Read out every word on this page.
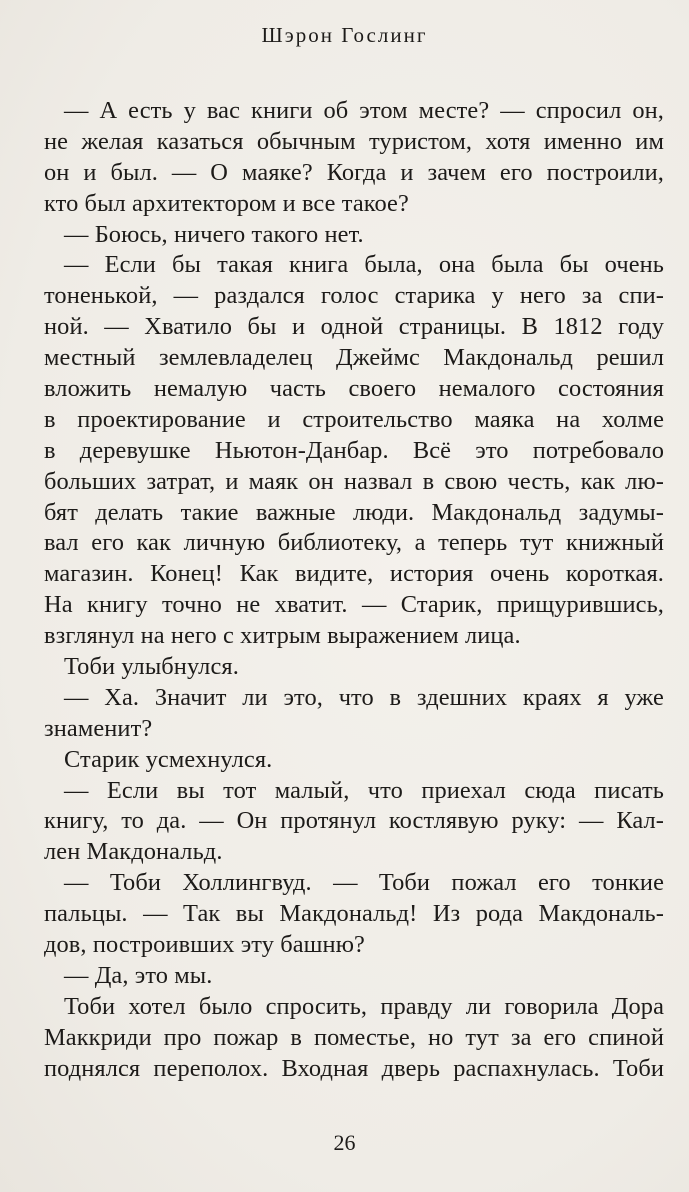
Шэрон Гослинг
— А есть у вас книги об этом месте? — спросил он,
не желая казаться обычным туристом, хотя именно им
он и был. — О маяке? Когда и зачем его построили,
кто был архитектором и все такое?
— Боюсь, ничего такого нет.
— Если бы такая книга была, она была бы очень
тоненькой, — раздался голос старика у него за спи-
ной. — Хватило бы и одной страницы. В 1812 году
местный землевладелец Джеймс Макдональд решил
вложить немалую часть своего немалого состояния
в проектирование и строительство маяка на холме
в деревушке Ньютон-Данбар. Всё это потребовало
больших затрат, и маяк он назвал в свою честь, как лю-
бят делать такие важные люди. Макдональд задумы-
вал его как личную библиотеку, а теперь тут книжный
магазин. Конец! Как видите, история очень короткая.
На книгу точно не хватит. — Старик, прищурившись,
взглянул на него с хитрым выражением лица.
Тоби улыбнулся.
— Ха. Значит ли это, что в здешних краях я уже
знаменит?
Старик усмехнулся.
— Если вы тот малый, что приехал сюда писать
книгу, то да. — Он протянул костлявую руку: — Кал-
лен Макдональд.
— Тоби Холлингвуд. — Тоби пожал его тонкие
пальцы. — Так вы Макдональд! Из рода Макдональ-
дов, построивших эту башню?
— Да, это мы.
Тоби хотел было спросить, правду ли говорила Дора
Маккриди про пожар в поместье, но тут за его спиной
поднялся переполох. Входная дверь распахнулась. Тоби
26
